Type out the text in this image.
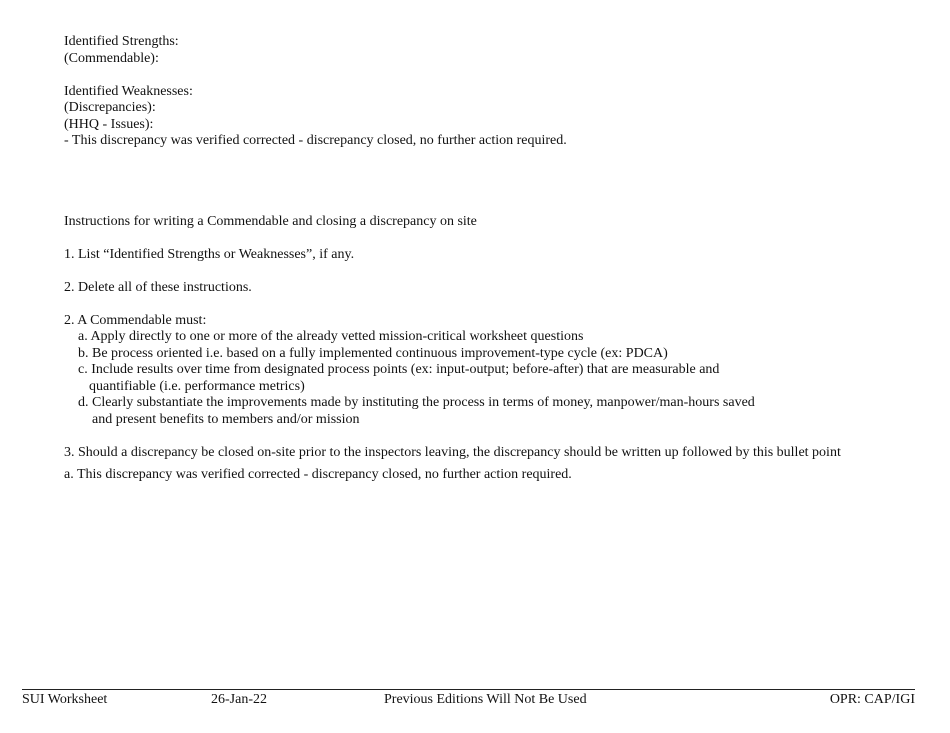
Identified Strengths:
(Commendable):
Identified Weaknesses:
(Discrepancies):
(HHQ - Issues):
- This discrepancy was verified corrected - discrepancy closed, no further action required.
Instructions for writing a Commendable and closing a discrepancy on site
1. List “Identified Strengths or Weaknesses”, if any.
2. Delete all of these instructions.
2. A Commendable must:
a. Apply directly to one or more of the already vetted mission-critical worksheet questions
b. Be process oriented i.e. based on a fully implemented continuous improvement-type cycle (ex: PDCA)
c. Include results over time from designated process points (ex: input-output; before-after) that are measurable and
quantifiable (i.e. performance metrics)
d. Clearly substantiate the improvements made by instituting the process in terms of money, manpower/man-hours saved
and present benefits to members and/or mission
3. Should a discrepancy be closed on-site prior to the inspectors leaving, the discrepancy should be written up followed by this bullet point
a. This discrepancy was verified corrected - discrepancy closed, no further action required.
SUI Worksheet	26-Jan-22	Previous Editions Will Not Be Used	OPR: CAP/IGI
